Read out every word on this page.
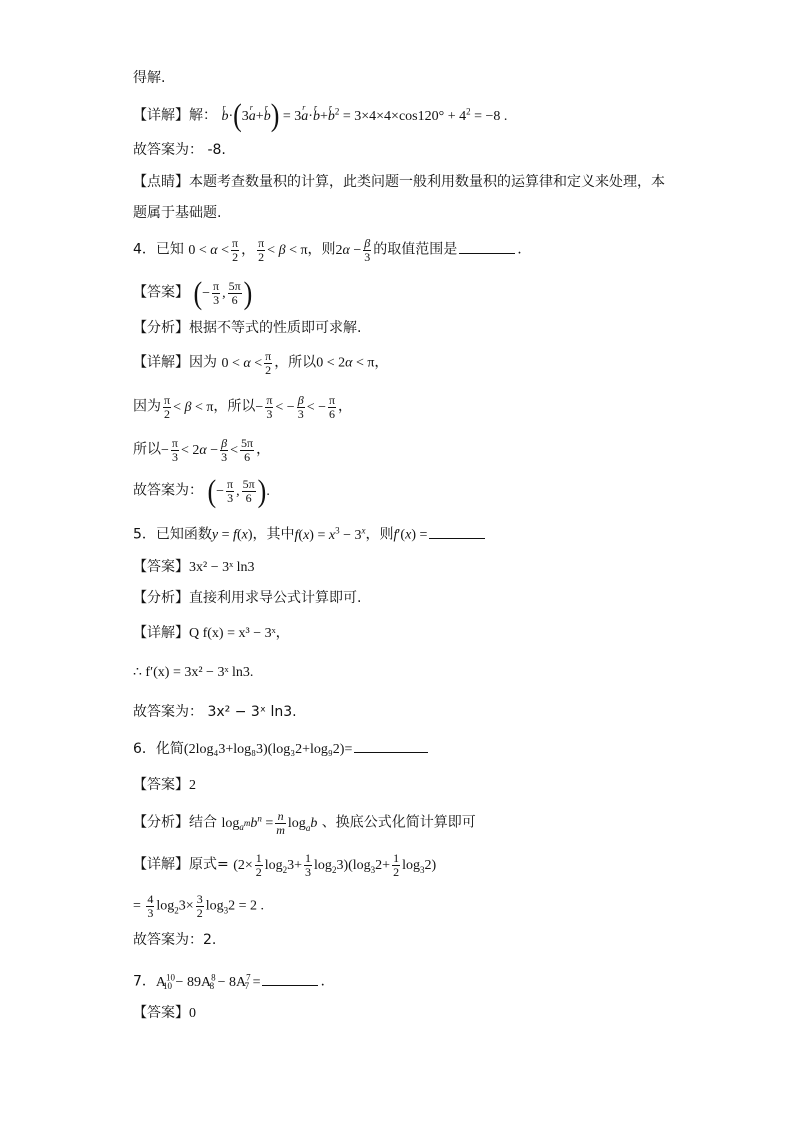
得解.
【详解】解： r b·(3r a+r b) = 3r a·r b+r $b^2 = 3\times 4\times 4\times\cos 120^\circ + 4^2 = -8$ .
故答案为： -8.
【点睛】本题考查数量积的计算，此类问题一般利用数量积的运算律和定义来处理，本
题属于基础题.
4．已知 $0 < \alpha < \frac{\pi}{2}$ ， $\frac{\pi}{2} < \beta < \pi$，则$2\alpha - \frac{\beta}{3}$ 的取值范围是	.
【答案】 (− $\frac{\pi}{3}$ , $\frac{5\pi}{6}$ )
【分析】根据不等式的性质即可求解.
【详解】因为 $0 < \alpha < \frac{\pi}{2}$ ，所以0 < 2α < π，
因为 $\frac{\pi}{2} < \beta < \pi$，所以− $\frac{\pi}{3}$ < − $\frac{\beta}{3}$ < − $\frac{\pi}{6}$ ，
所以− $\frac{\pi}{3} < 2\alpha - \frac{\beta}{3} < \frac{5\pi}{6}$ ，
故答案为： (− $\frac{\pi}{3}$ , $\frac{5\pi}{6}$ ).
5．已知函数y = f(x)，其中$f(x) = x^3 - 3^x$，则f′(x) =
【答案】3x² − 3ˣ ln3
【分析】直接利用求导公式计算即可.
【详解】Q f(x) = x³ − 3ˣ，
∴ f′(x) = 3x² − 3ˣ ln3.
故答案为： 3x² − 3ˣ ln3.
6．化简(2log₄3+log₈3)(log₃2+log₉2)=
【答案】2
【分析】结合 $\log_{a^m}b^n = \frac{n}{m} \log_ab$ 、换底公式化简计算即可
【详解】原式= $(2\times \frac{1}{2} \log_23+ \frac{1}{3} \log_23)(\log_32+ \frac{1}{2} \log_32)$
= $\frac{4}{3} \log_23\times \frac{3}{2} \log_32 = 2$ .
故答案为：2.
7．$A^{10}_{10} - 89A^8_8 - 8A^7_7$ =	.
【答案】0
